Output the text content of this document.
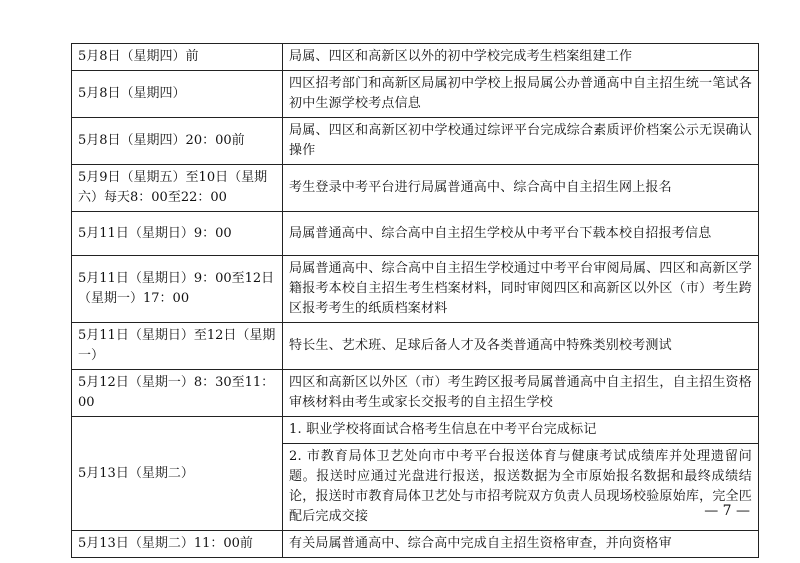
5月8日（星期四）前	局属、四区和高新区以外的初中学校完成考生档案组建工作
5月8日（星期四）	四区招考部门和高新区局属初中学校上报局属公办普通高中自主招生统一笔试各初中生源学校考点信息
5月8日（星期四）20：00前	局属、四区和高新区初中学校通过综评平台完成综合素质评价档案公示无误确认操作
5月9日（星期五）至10日（星期六）每天8：00至22：00	考生登录中考平台进行局属普通高中、综合高中自主招生网上报名
5月11日（星期日）9：00	局属普通高中、综合高中自主招生学校从中考平台下载本校自招报考信息
5月11日（星期日）9：00至12日（星期一）17：00	局属普通高中、综合高中自主招生学校通过中考平台审阅局属、四区和高新区学籍报考本校自主招生考生档案材料，同时审阅四区和高新区以外区（市）考生跨区报考考生的纸质档案材料
5月11日（星期日）至12日（星期一）	特长生、艺术班、足球后备人才及各类普通高中特殊类别校考测试
5月12日（星期一）8：30至11：00	四区和高新区以外区（市）考生跨区报考局属普通高中自主招生，自主招生资格审核材料由考生或家长交报考的自主招生学校
5月13日（星期二）	1. 职业学校将面试合格考生信息在中考平台完成标记
	2. 市教育局体卫艺处向市中考平台报送体育与健康考试成绩库并处理遗留问题。报送时应通过光盘进行报送，报送数据为全市原始报名数据和最终成绩结论，报送时市教育局体卫艺处与市招考院双方负责人员现场校验原始库，完全匹配后完成交接
5月13日（星期二）11：00前	有关局属普通高中、综合高中完成自主招生资格审查，并向资格审
— 7 —
